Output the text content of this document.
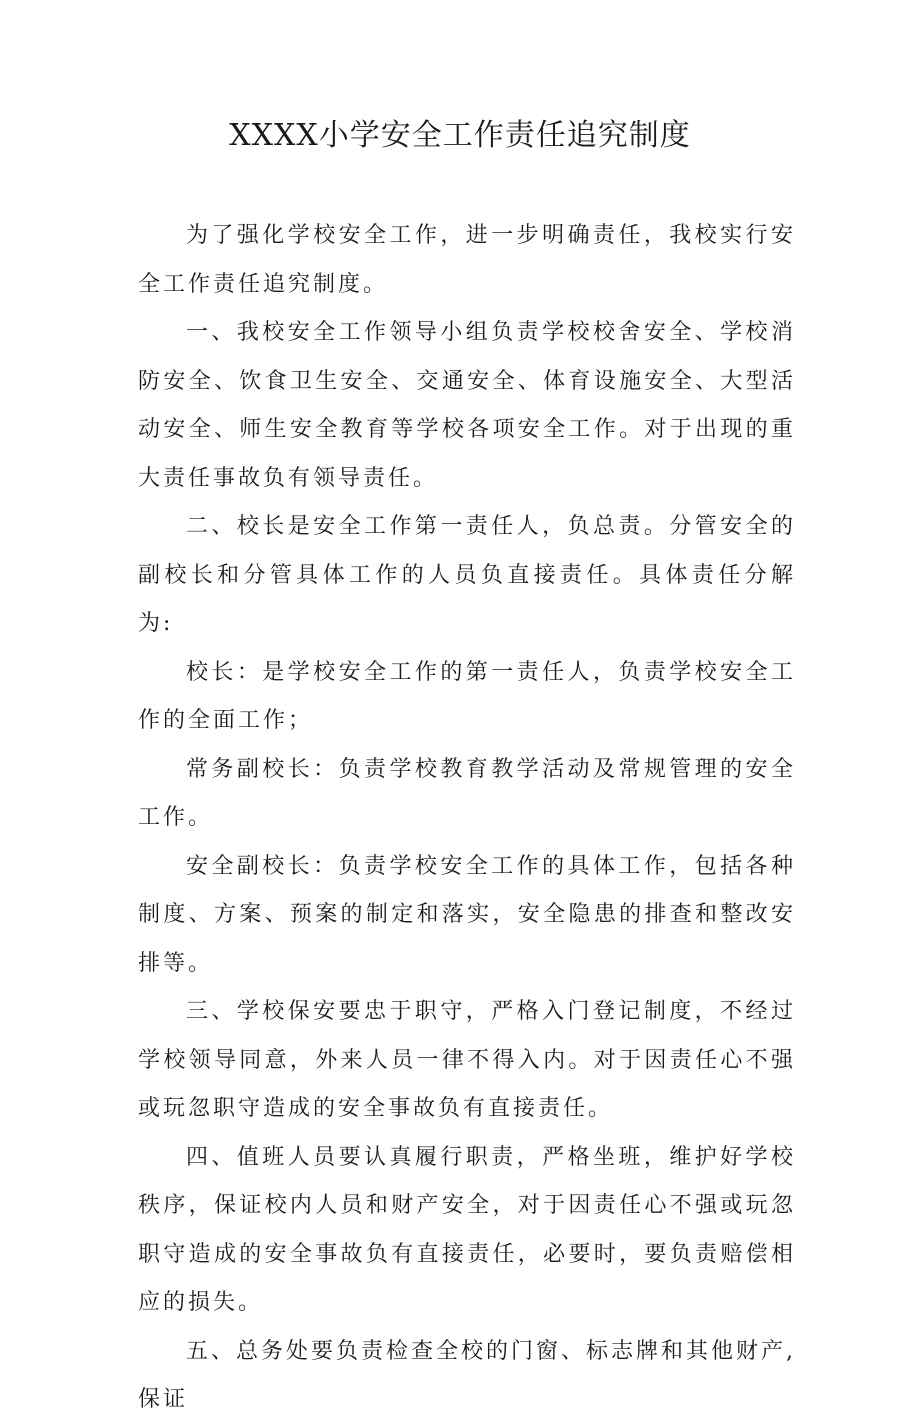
XXXX小学安全工作责任追究制度

为了强化学校安全工作，进一步明确责任，我校实行安全工作责任追究制度。

一、我校安全工作领导小组负责学校校舍安全、学校消防安全、饮食卫生安全、交通安全、体育设施安全、大型活动安全、师生安全教育等学校各项安全工作。对于出现的重大责任事故负有领导责任。

二、校长是安全工作第一责任人，负总责。分管安全的副校长和分管具体工作的人员负直接责任。具体责任分解为:

校长：是学校安全工作的第一责任人，负责学校安全工作的全面工作；

常务副校长：负责学校教育教学活动及常规管理的安全工作。

安全副校长：负责学校安全工作的具体工作，包括各种制度、方案、预案的制定和落实，安全隐患的排查和整改安排等。

三、学校保安要忠于职守，严格入门登记制度，不经过学校领导同意，外来人员一律不得入内。对于因责任心不强或玩忽职守造成的安全事故负有直接责任。

四、值班人员要认真履行职责，严格坐班，维护好学校秩序，保证校内人员和财产安全，对于因责任心不强或玩忽职守造成的安全事故负有直接责任，必要时，要负责赔偿相应的损失。

五、总务处要负责检查全校的门窗、标志牌和其他财产,保证
